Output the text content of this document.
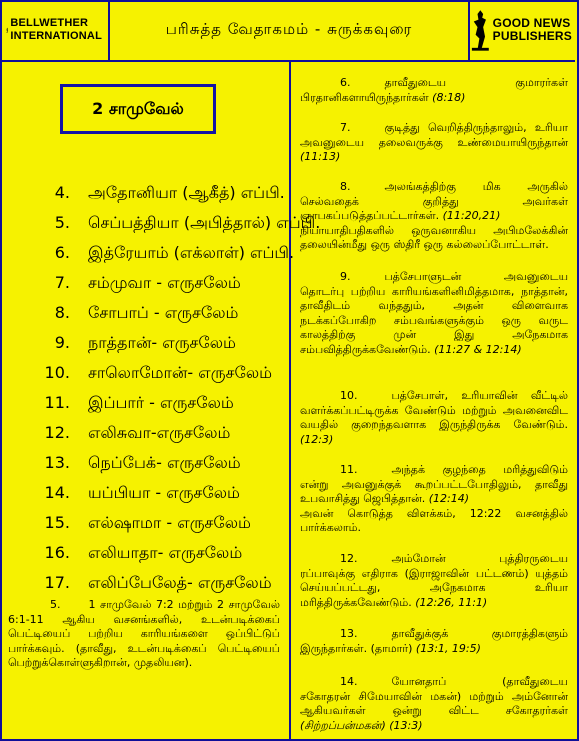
BELLWETHER
INTERNATIONAL	பரிசுத்த வேதாகமம் - சுருக்கவுரை	GOOD NEWS
PUBLISHERS
2 சாமுவேல்
4. அதோனியா (ஆகீத்) எப்பி.
5. செப்பத்தியா (அபித்தால்) எப்பி.
6. இத்ரேயாம் (எக்லாள்) எப்பி.
7. சம்முவா - எருசலேம்
8. சோபாப் - எருசலேம்
9. நாத்தான்- எருசலேம்
10. சாலொமோன்- எருசலேம்
11. இப்பார் - எருசலேம்
12. எலிசுவா-எருசலேம்
13. நெப்பேக்- எருசலேம்
14. யப்பியா - எருசலேம்
15. எல்ஷாமா - எருசலேம்
16. எலியாதா- எருசலேம்
17. எலிப்பேலேத்- எருசலேம்

5.	1 சாமுவேல் 7:2 மற்றும் 2 சாமுவேல் 6:1-11 ஆகிய வசனங்களில், உடன்படிக்கைப் பெட்டியைப் பற்றிய காரியங்களை ஒப்பிட்டுப் பார்க்கவும். (தாவீது, உடன்படிக்கைப் பெட்டியைப் பெற்றுக்கொள்ளுகிறான், முதலியன).

6.	தாவீதுடைய குமாரர்கள் பிரதானிகளாயிருந்தார்கள் (8:18)

7.	குடித்து வெறித்திருந்தாலும், உரியா அவனுடைய தலைவருக்கு உண்மையாயிருந்தான் (11:13)

8.	அலங்கத்திற்கு மிக அருகில் செல்வதைக் குறித்து அவர்கள் ஞாபகப்படுத்தப்பட்டார்கள். (11:20,21)

நியாயாதிபதிகளில் ஒருவனாகிய அபிமலேக்கின் தலையின்மீது ஒரு ஸ்திரீ ஒரு கல்லைப்போட்டாள்.

9.	பத்சேபாளுடன் அவனுடைய தொடர்பு பற்றிய காரியங்களினிமித்தமாக, நாத்தான், தாவீதிடம் வந்ததும், அதன் விளைவாக நடக்கப்போகிற சம்பவங்களுக்கும் ஒரு வருட காலத்திற்கு முன் இது அநேகமாக சம்பவித்திருக்கவேண்டும். (11:27 & 12:14)

10.	பத்சேபாள், உரியாவின் வீட்டில் வளர்க்கப்பட்டிருக்க வேண்டும் மற்றும் அவனைவிட வயதில் குறைந்தவளாக இருந்திருக்க வேண்டும். (12:3)

11.	அந்தக் குழந்தை மரித்துவிடும் என்று அவனுக்குக் கூறப்பட்டபோதிலும், தாவீது உபவாசித்து ஜெபித்தான். (12:14)

அவன் கொடுத்த விளக்கம், 12:22 வசனத்தில் பார்க்கலாம்.

12.	அம்மோன் புத்திரருடைய ரப்பாவுக்கு எதிராக (இராஜாவின் பட்டணம்) யுத்தம் செய்யப்பட்டது, அநேகமாக உரியா மரித்திருக்கவேண்டும். (12:26, 11:1)

13.	தாவீதுக்குக் குமாரத்திகளும் இருந்தார்கள். (தாமார்) (13:1, 19:5)

14.	யோனதாப் (தாவீதுடைய சகோதரன் சிமேயாவின் மகன்) மற்றும் அம்னோன் ஆகியவர்கள் ஒன்று விட்ட சகோதரர்கள் (சிற்றப்பன்மகன்) (13:3)
